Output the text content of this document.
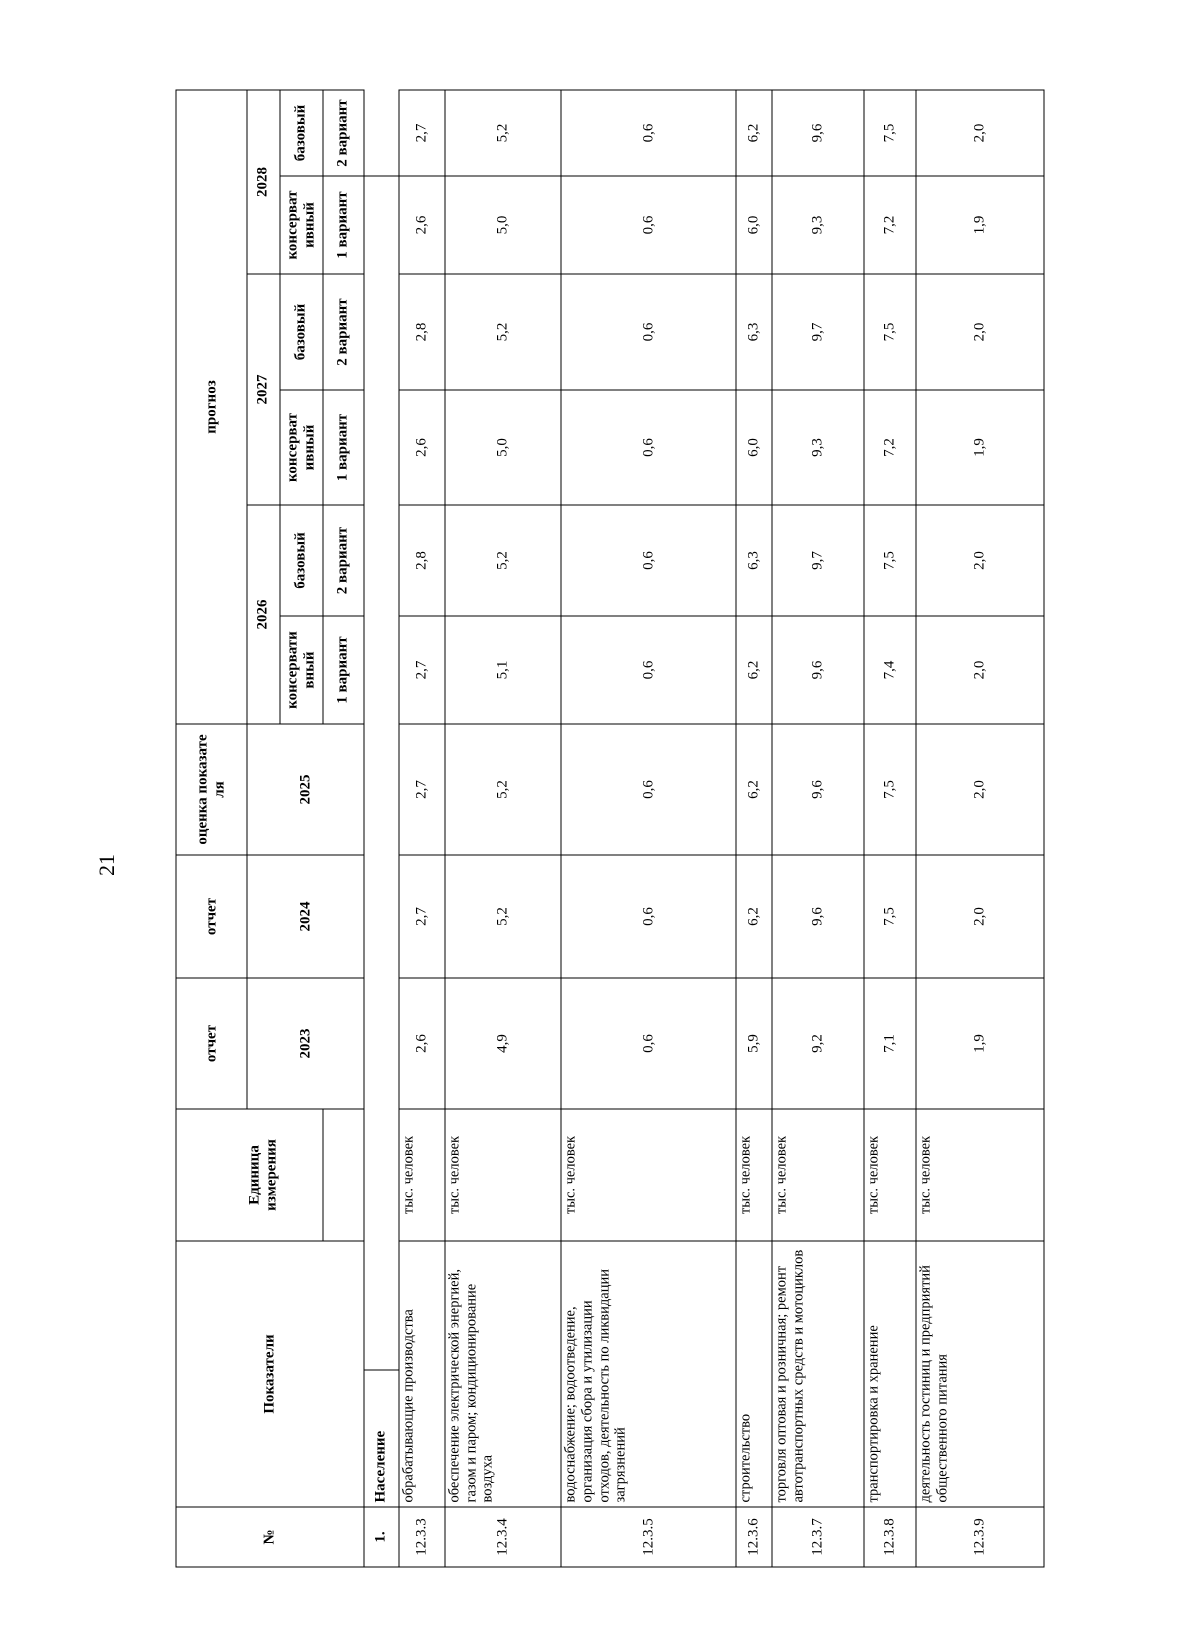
21
№	Показатели		Единица измерения	отчет	отчет	оценка показате ля	прогноз					
				2023	2024	2025	2026		2027		2028	
							консервати вный	базовый	консерват ивный	базовый	консерват ивный	базовый
							1 вариант	2 вариант	1 вариант	2 вариант	1 вариант	2 вариант
1.	Население											
12.3.3	обрабатывающие производства		тыс. человек	2,6	2,7	2,7	2,7	2,8	2,6	2,8	2,6	2,7
12.3.4	обеспечение электрической энергией, газом и паром; кондиционирование воздуха		тыс. человек	4,9	5,2	5,2	5,1	5,2	5,0	5,2	5,0	5,2
12.3.5	водоснабжение; водоотведение, организация сбора и утилизации отходов, деятельность по ликвидации загрязнений		тыс. человек	0,6	0,6	0,6	0,6	0,6	0,6	0,6	0,6	0,6
12.3.6	строительство		тыс. человек	5,9	6,2	6,2	6,2	6,3	6,0	6,3	6,0	6,2
12.3.7	торговля оптовая и розничная; ремонт автотранспортных средств и мотоциклов		тыс. человек	9,2	9,6	9,6	9,6	9,7	9,3	9,7	9,3	9,6
12.3.8	транспортировка и хранение		тыс. человек	7,1	7,5	7,5	7,4	7,5	7,2	7,5	7,2	7,5
12.3.9	деятельность гостиниц и предприятий общественного питания		тыс. человек	1,9	2,0	2,0	2,0	2,0	1,9	2,0	1,9	2,0
